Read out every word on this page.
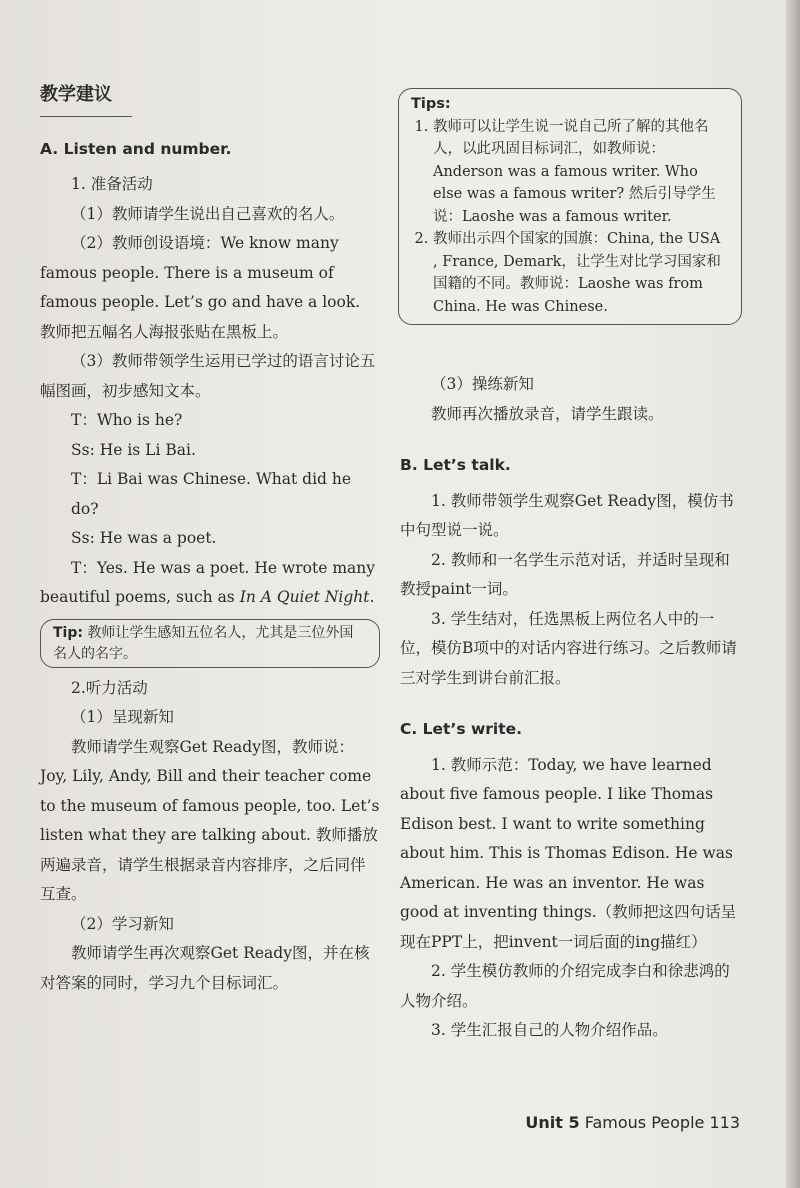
教学建议

A. Listen and number.

1. 准备活动

（1）教师请学生说出自己喜欢的名人。

（2）教师创设语境：We know many famous people. There is a museum of famous people. Let’s go and have a look. 教师把五幅名人海报张贴在黑板上。

（3）教师带领学生运用已学过的语言讨论五幅图画，初步感知文本。

T：Who is he?

Ss: He is Li Bai.

T：Li Bai was Chinese. What did he do?

Ss: He was a poet.

T：Yes. He was a poet. He wrote many beautiful poems, such as In A Quiet Night.

Tip: 教师让学生感知五位名人，尤其是三位外国名人的名字。

2.听力活动

（1）呈现新知

教师请学生观察Get Ready图，教师说：Joy, Lily, Andy, Bill and their teacher come to the museum of famous people, too. Let’s listen what they are talking about. 教师播放两遍录音，请学生根据录音内容排序，之后同伴互查。

（2）学习新知

教师请学生再次观察Get Ready图，并在核对答案的同时，学习九个目标词汇。

Tips:
1. 教师可以让学生说一说自己所了解的其他名人，以此巩固目标词汇，如教师说：Anderson was a famous writer. Who else was a famous writer? 然后引导学生说：Laoshe was a famous writer.
2. 教师出示四个国家的国旗：China, the USA , France, Demark，让学生对比学习国家和国籍的不同。教师说：Laoshe was from China. He was Chinese.

（3）操练新知

教师再次播放录音，请学生跟读。

B. Let’s talk.

1. 教师带领学生观察Get Ready图，模仿书中句型说一说。

2. 教师和一名学生示范对话，并适时呈现和教授paint一词。

3. 学生结对，任选黑板上两位名人中的一位，模仿B项中的对话内容进行练习。之后教师请三对学生到讲台前汇报。

C. Let’s write.

1. 教师示范：Today, we have learned about five famous people. I like Thomas Edison best. I want to write something about him. This is Thomas Edison. He was American. He was an inventor. He was good at inventing things.（教师把这四句话呈现在PPT上，把invent一词后面的ing描红）

2. 学生模仿教师的介绍完成李白和徐悲鸿的人物介绍。

3. 学生汇报自己的人物介绍作品。

Unit 5 Famous People 113
